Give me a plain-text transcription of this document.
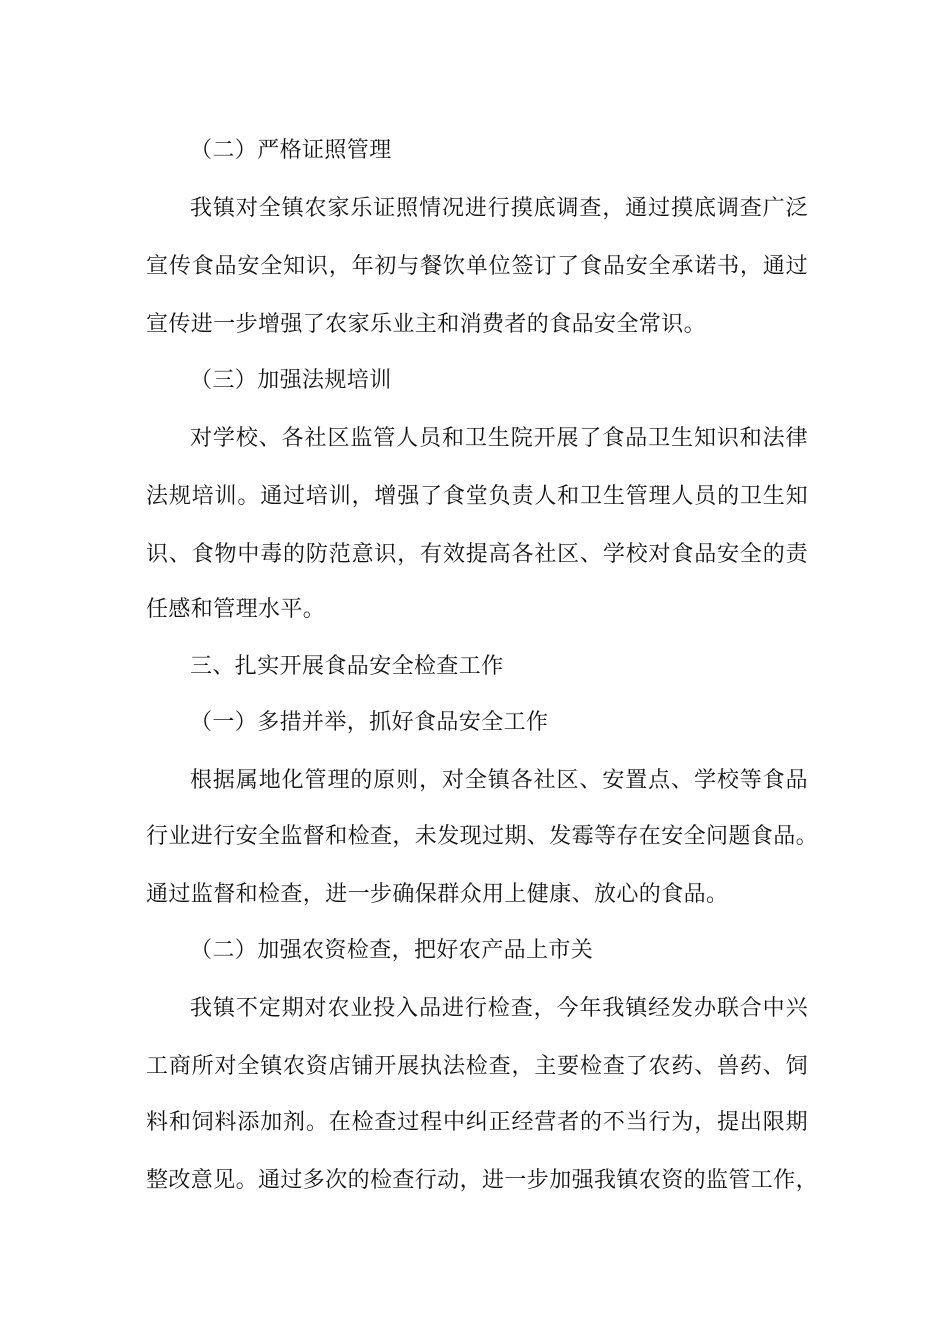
（二）严格证照管理
我镇对全镇农家乐证照情况进行摸底调查，通过摸底调查广泛
宣传食品安全知识，年初与餐饮单位签订了食品安全承诺书，通过
宣传进一步增强了农家乐业主和消费者的食品安全常识。
（三）加强法规培训
对学校、各社区监管人员和卫生院开展了食品卫生知识和法律
法规培训。通过培训，增强了食堂负责人和卫生管理人员的卫生知
识、食物中毒的防范意识，有效提高各社区、学校对食品安全的责
任感和管理水平。
三、扎实开展食品安全检查工作
（一）多措并举，抓好食品安全工作
根据属地化管理的原则，对全镇各社区、安置点、学校等食品
行业进行安全监督和检查，未发现过期、发霉等存在安全问题食品。
通过监督和检查，进一步确保群众用上健康、放心的食品。
（二）加强农资检查，把好农产品上市关
我镇不定期对农业投入品进行检查，今年我镇经发办联合中兴
工商所对全镇农资店铺开展执法检查，主要检查了农药、兽药、饲
料和饲料添加剂。在检查过程中纠正经营者的不当行为，提出限期
整改意见。通过多次的检查行动，进一步加强我镇农资的监管工作，
